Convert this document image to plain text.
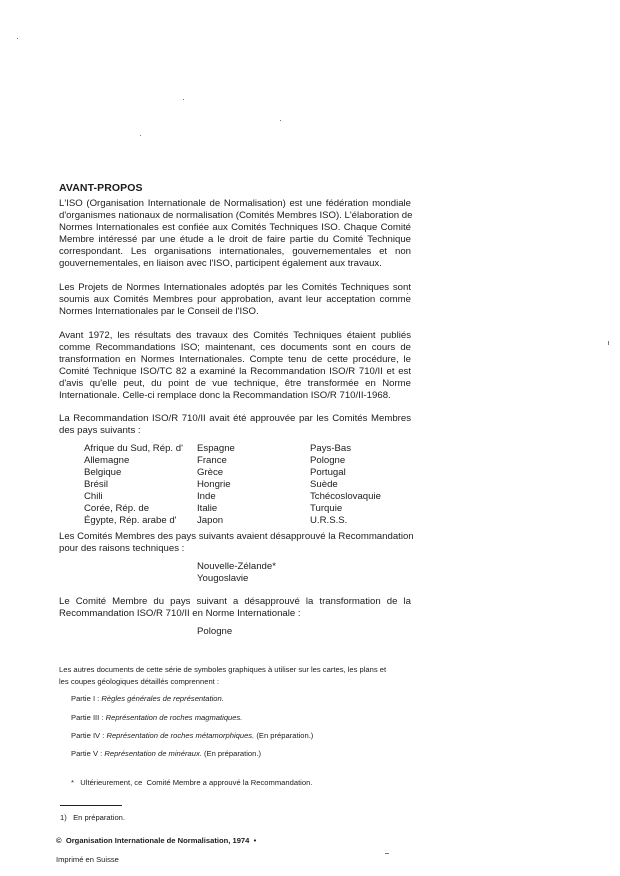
AVANT-PROPOS
L'ISO (Organisation Internationale de Normalisation) est une fédération mondiale
d'organismes nationaux de normalisation (Comités Membres ISO). L'élaboration de
Normes Internationales est confiée aux Comités Techniques ISO. Chaque Comité
Membre intéressé par une étude a le droit de faire partie du Comité Technique
correspondant. Les organisations internationales, gouvernementales et non
gouvernementales, en liaison avec l'ISO, participent également aux travaux.
Les Projets de Normes Internationales adoptés par les Comités Techniques sont
soumis aux Comités Membres pour approbation, avant leur acceptation comme
Normes Internationales par le Conseil de l'ISO.
Avant 1972, les résultats des travaux des Comités Techniques étaient publiés
comme Recommandations ISO; maintenant, ces documents sont en cours de
transformation en Normes Internationales. Compte tenu de cette procédure, le
Comité Technique ISO/TC 82 a examiné la Recommandation ISO/R 710/II et est
d'avis qu'elle peut, du point de vue technique, être transformée en Norme
Internationale. Celle-ci remplace donc la Recommandation ISO/R 710/II-1968.
La Recommandation ISO/R 710/II avait été approuvée par les Comités Membres
des pays suivants :
Afrique du Sud, Rép. d'
Allemagne
Belgique
Brésil
Chili
Corée, Rép. de
Égypte, Rép. arabe d'
Espagne
France
Grèce
Hongrie
Inde
Italie
Japon
Pays-Bas
Pologne
Portugal
Suède
Tchécoslovaquie
Turquie
U.R.S.S.
Les Comités Membres des pays suivants avaient désapprouvé la Recommandation
pour des raisons techniques :
Nouvelle-Zélande*
Yougoslavie
Le Comité Membre du pays suivant a désapprouvé la transformation de la
Recommandation ISO/R 710/II en Norme Internationale :
Pologne
Les autres documents de cette série de symboles graphiques à utiliser sur les cartes, les plans et
les coupes géologiques détaillés comprennent :
Partie I : Règles générales de représentation.
Partie III : Représentation de roches magmatiques.
Partie IV : Représentation de roches métamorphiques. (En préparation.)
Partie V : Représentation de minéraux. (En préparation.)
*   Ultérieurement, ce  Comité Membre a approuvé la Recommandation.
1)   En préparation.
©  Organisation Internationale de Normalisation, 1974  •
Imprimé en Suisse
